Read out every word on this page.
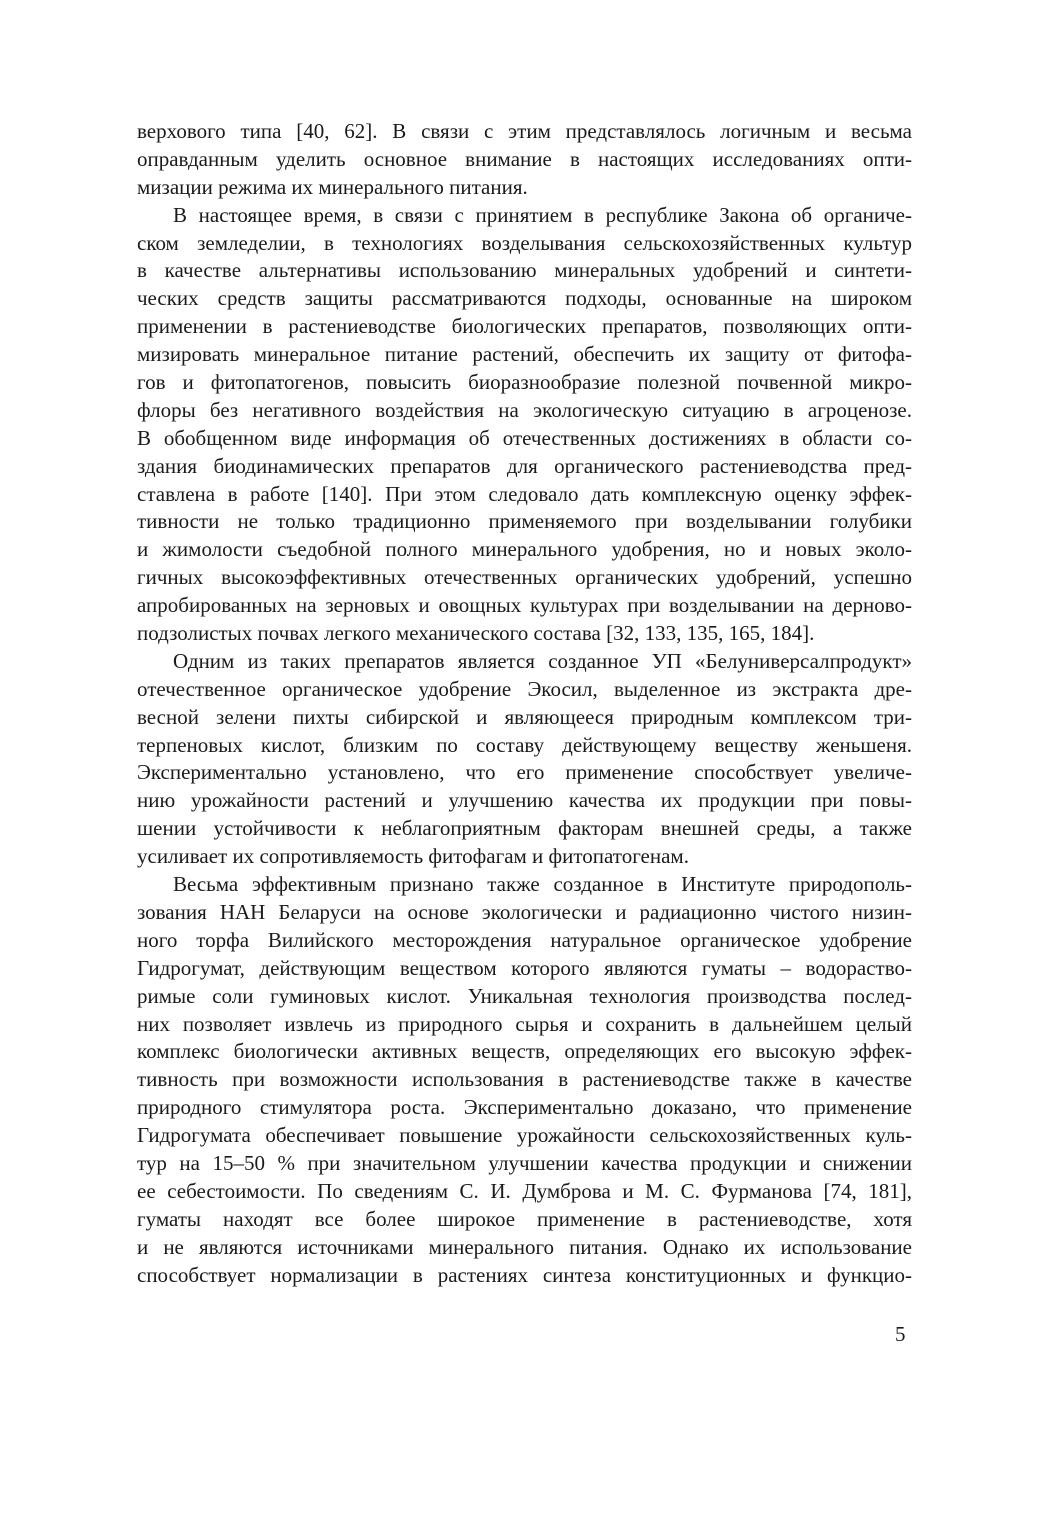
верхового типа [40, 62]. В связи с этим представлялось логичным и весьма
оправданным уделить основное внимание в настоящих исследованиях опти-
мизации режима их минерального питания.
В настоящее время, в связи с принятием в республике Закона об органиче-
ском земледелии, в технологиях возделывания сельскохозяйственных культур
в качестве альтернативы использованию минеральных удобрений и синтети-
ческих средств защиты рассматриваются подходы, основанные на широком
применении в растениеводстве биологических препаратов, позволяющих опти-
мизировать минеральное питание растений, обеспечить их защиту от фитофа-
гов и фитопатогенов, повысить биоразнообразие полезной почвенной микро-
флоры без негативного воздействия на экологическую ситуацию в агроценозе.
В обобщенном виде информация об отечественных достижениях в области со-
здания биодинамических препаратов для органического растениеводства пред-
ставлена в работе [140]. При этом следовало дать комплексную оценку эффек-
тивности не только традиционно применяемого при возделывании голубики
и жимолости съедобной полного минерального удобрения, но и новых эколо-
гичных высокоэффективных отечественных органических удобрений, успешно
апробированных на зерновых и овощных культурах при возделывании на дерново-
подзолистых почвах легкого механического состава [32, 133, 135, 165, 184].
Одним из таких препаратов является созданное УП «Белуниверсалпродукт»
отечественное органическое удобрение Экосил, выделенное из экстракта дре-
весной зелени пихты сибирской и являющееся природным комплексом три-
терпеновых кислот, близким по составу действующему веществу женьшеня.
Экспериментально установлено, что его применение способствует увеличе-
нию урожайности растений и улучшению качества их продукции при повы-
шении устойчивости к неблагоприятным факторам внешней среды, а также
усиливает их сопротивляемость фитофагам и фитопатогенам.
Весьма эффективным признано также созданное в Институте природополь-
зования НАН Беларуси на основе экологически и радиационно чистого низин-
ного торфа Вилийского месторождения натуральное органическое удобрение
Гидрогумат, действующим веществом которого являются гуматы – водораство-
римые соли гуминовых кислот. Уникальная технология производства послед-
них позволяет извлечь из природного сырья и сохранить в дальнейшем целый
комплекс биологически активных веществ, определяющих его высокую эффек-
тивность при возможности использования в растениеводстве также в качестве
природного стимулятора роста. Экспериментально доказано, что применение
Гидрогумата обеспечивает повышение урожайности сельскохозяйственных куль-
тур на 15–50 % при значительном улучшении качества продукции и снижении
ее себестоимости. По сведениям С. И. Думброва и М. С. Фурманова [74, 181],
гуматы находят все более широкое применение в растениеводстве, хотя
и не являются источниками минерального питания. Однако их использование
способствует нормализации в растениях синтеза конституционных и функцио-
5
